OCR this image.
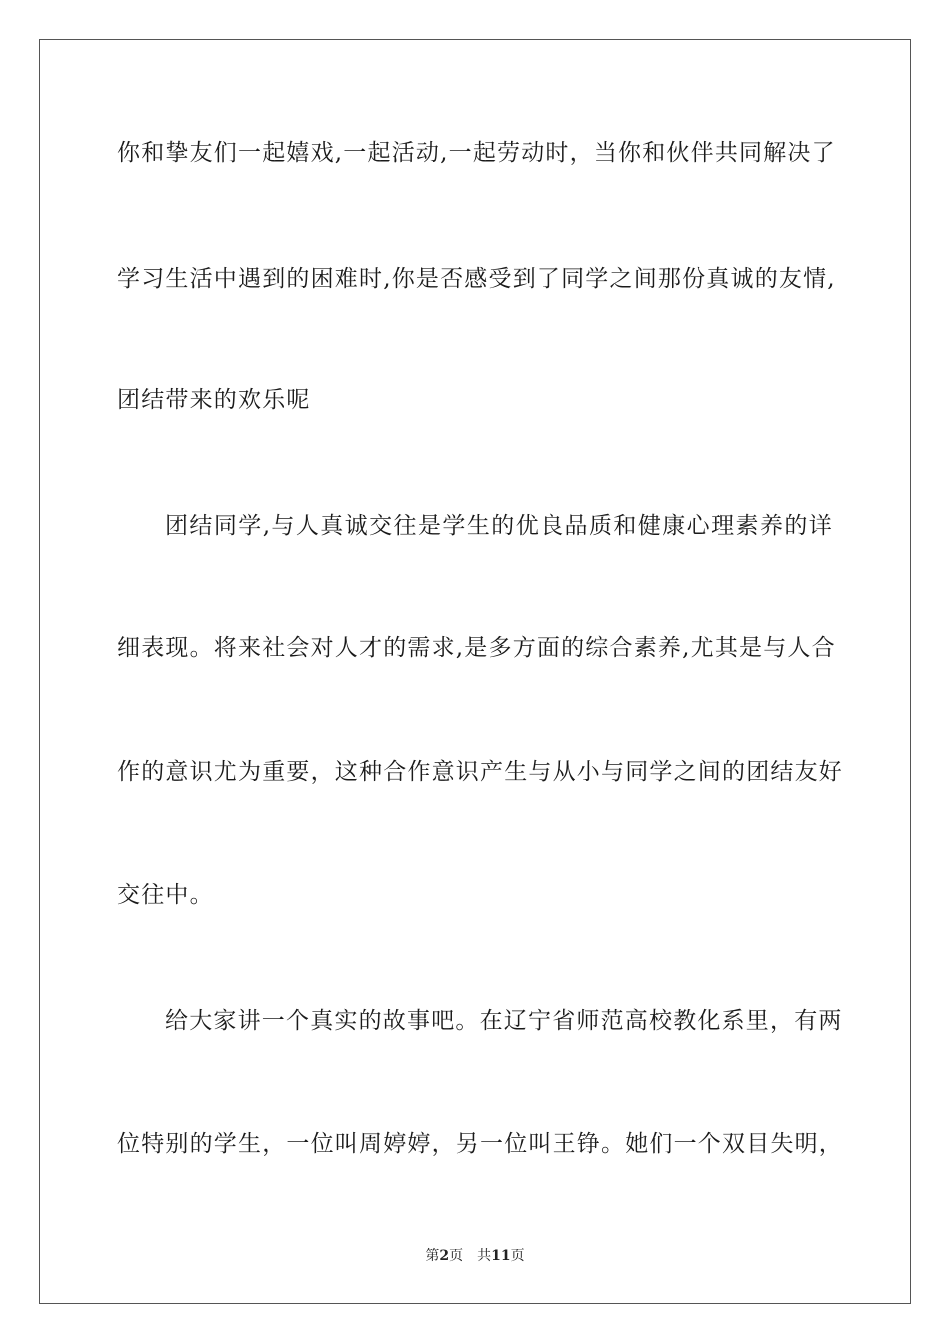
你和挚友们一起嬉戏,一起活动,一起劳动时，当你和伙伴共同解决了
学习生活中遇到的困难时,你是否感受到了同学之间那份真诚的友情,
团结带来的欢乐呢
团结同学,与人真诚交往是学生的优良品质和健康心理素养的详
细表现。将来社会对人才的需求,是多方面的综合素养,尤其是与人合
作的意识尤为重要，这种合作意识产生与从小与同学之间的团结友好
交往中。
给大家讲一个真实的故事吧。在辽宁省师范高校教化系里，有两
位特别的学生，一位叫周婷婷，另一位叫王铮。她们一个双目失明，
第2页 共11页
